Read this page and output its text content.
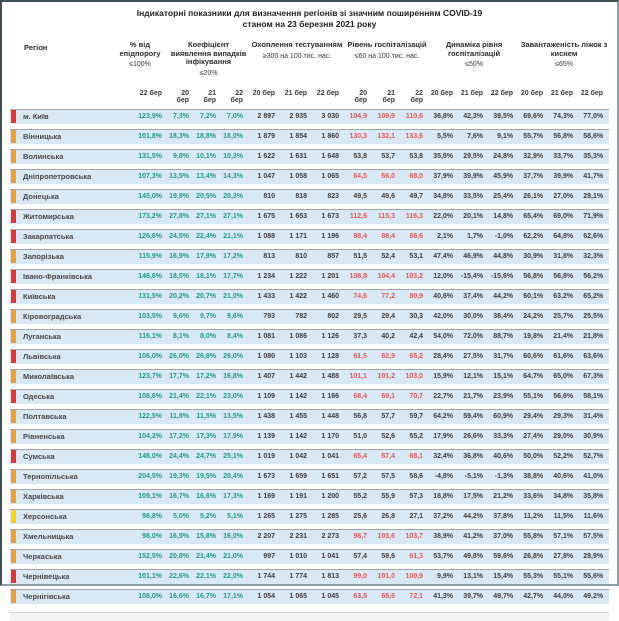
Індикаторні показники для визначення регіонів зі значним поширенням COVID-19
станом на 23 березня 2021 року
Регіон	% від епідпорогу
≤100%

Коефіцієнт виявлення випадків інфікування
≤20%

Охоплення тестуванням
≥300 на 100 тис. нас.

Рівень госпіталізацій
≤60 на 100 тис. нас.

Динаміка рівня госпіталізацій
≤50%

Завантаженість ліжок з киснем
≤65%

	22 бер	20 бер	21 бер	22 бер	20 бер	21 бер	22 бер	20 бер	21 бер	22 бер	20 бер	21 бер	22 бер	20 бер	21 бер	22 бер
м. Київ	123,9%	7,3%	7,2%	7,0%	2 897	2 935	3 030	104,9	109,9	110,6	36,8%	42,3%	39,5%	69,6%	74,3%	77,0%
Вінницька	101,8%	18,3%	18,8%	18,0%	1 879	1 854	1 860	130,3	132,1	133,6	5,5%	7,6%	9,1%	55,7%	56,8%	58,6%
Волинська	131,5%	9,8%	10,1%	10,3%	1 622	1 631	1 648	53,8	53,7	53,8	35,5%	29,5%	24,8%	32,9%	33,7%	35,3%
Дніпропетровська	107,3%	13,5%	13,4%	14,3%	1 047	1 058	1 065	64,5	66,0	68,0	37,9%	39,9%	45,9%	37,7%	39,9%	41,7%
Донецька	145,0%	19,9%	20,5%	20,3%	810	818	823	49,5	49,6	49,7	34,8%	33,5%	25,4%	26,1%	27,0%	28,1%
Житомирська	173,2%	27,8%	27,1%	27,1%	1 675	1 653	1 673	112,6	115,3	116,3	22,0%	20,1%	14,8%	65,4%	69,0%	71,9%
Закарпатська	126,6%	24,5%	22,4%	21,1%	1 088	1 171	1 196	88,4	88,4	86,6	2,1%	1,7%	-1,0%	62,2%	64,8%	62,6%
Запорізька	115,9%	16,9%	17,9%	17,2%	813	810	857	51,5	52,4	53,1	47,4%	46,9%	44,8%	30,9%	31,8%	32,3%
Івано-Франківська	148,6%	18,5%	18,1%	17,7%	1 234	1 222	1 201	108,8	104,4	103,2	12,0%	-15,4%	-15,6%	56,8%	56,8%	56,2%
Київська	131,5%	20,2%	20,7%	21,0%	1 433	1 422	1 460	74,6	77,2	80,9	40,6%	37,4%	44,2%	60,1%	63,2%	65,2%
Кіровоградська	103,5%	9,6%	9,7%	9,6%	793	782	802	29,5	29,4	30,3	42,0%	30,0%	38,4%	24,2%	25,7%	25,5%
Луганська	116,1%	8,1%	8,0%	8,4%	1 081	1 086	1 126	37,3	40,2	42,4	54,0%	72,0%	88,7%	19,8%	21,4%	21,8%
Львівська	106,0%	26,0%	26,8%	26,0%	1 080	1 103	1 128	61,5	62,9	65,2	28,4%	27,5%	31,7%	60,6%	61,6%	63,6%
Миколаївська	123,7%	17,7%	17,2%	16,8%	1 407	1 442	1 488	101,1	101,2	103,0	15,9%	12,1%	15,1%	64,7%	65,0%	67,3%
Одеська	108,6%	21,4%	22,1%	23,0%	1 109	1 142	1 166	68,4	69,1	70,7	22,7%	21,7%	23,9%	55,1%	56,6%	58,1%
Полтавська	122,5%	11,8%	11,5%	13,5%	1 438	1 455	1 448	56,8	57,7	59,7	64,2%	59,4%	60,9%	29,4%	29,3%	31,4%
Рівненська	104,2%	17,2%	17,3%	17,9%	1 139	1 142	1 170	51,0	52,6	55,2	17,9%	26,6%	33,3%	27,4%	29,0%	30,9%
Сумська	148,0%	24,4%	24,7%	25,1%	1 019	1 042	1 041	65,4	67,4	68,1	32,4%	36,8%	40,6%	50,0%	52,2%	52,7%
Тернопільська	204,5%	19,3%	19,5%	20,4%	1 673	1 659	1 651	57,2	57,5	58,6	-4,8%	-5,1%	-1,3%	38,8%	40,6%	41,0%
Харківська	109,1%	16,7%	16,6%	17,3%	1 169	1 191	1 200	55,2	55,9	57,3	18,8%	17,5%	21,2%	33,6%	34,8%	35,8%
Херсонська	98,8%	5,0%	5,2%	5,1%	1 265	1 275	1 285	25,6	26,8	27,1	37,2%	44,2%	37,8%	11,2%	11,5%	11,6%
Хмельницька	98,0%	16,5%	15,8%	16,0%	2 207	2 231	2 273	98,7	103,6	103,7	38,9%	41,2%	37,0%	55,8%	57,1%	57,5%
Черкаська	152,5%	20,8%	21,4%	21,0%	997	1 010	1 041	57,4	58,6	61,3	53,7%	49,8%	59,6%	26,8%	27,8%	28,9%
Чернівецька	101,1%	22,6%	22,1%	22,0%	1 744	1 774	1 813	99,0	101,0	100,9	9,9%	13,1%	15,4%	55,3%	55,1%	55,6%
Чернігівська	108,0%	16,6%	16,7%	17,1%	1 054	1 065	1 045	63,5	65,6	72,1	41,3%	39,7%	49,7%	42,7%	44,0%	49,2%
